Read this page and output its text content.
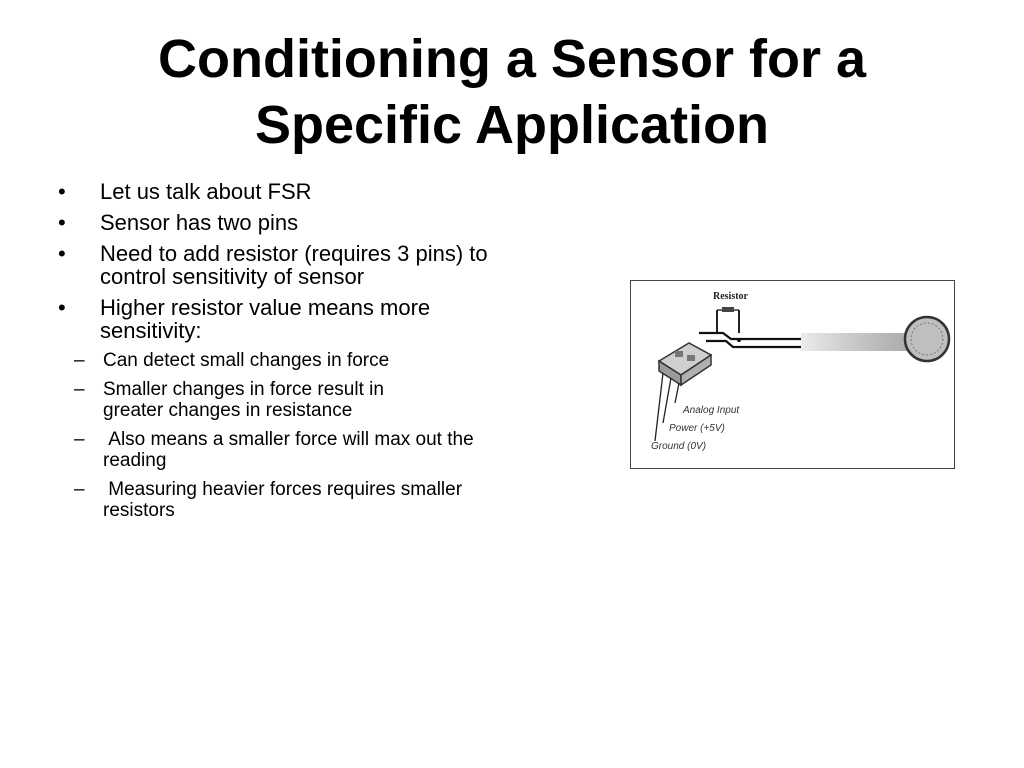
Conditioning a Sensor for a
Specific Application
• Let us talk about FSR
• Sensor has two pins
• Need to add resistor (requires 3 pins) to control sensitivity of sensor
• Higher resistor value means more sensitivity:
– Can detect small changes in force
– Smaller changes in force result in greater changes in resistance
– Also means a smaller force will max out the reading
– Measuring heavier forces requires smaller resistors
Resistor
Analog Input
Power (+5V)
Ground (0V)
